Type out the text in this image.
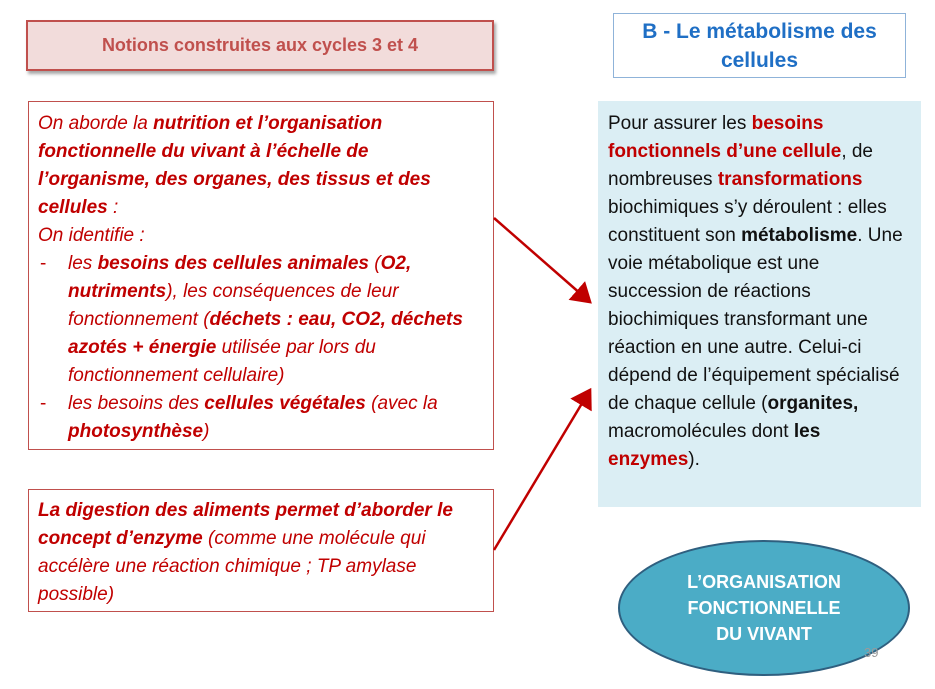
Notions construites aux cycles 3 et 4
B - Le métabolisme des
cellules
On aborde la nutrition et l’organisation fonctionnelle du vivant à l’échelle de l’organisme, des organes, des tissus et des cellules :
On identifie :
- les besoins des cellules animales (O2, nutriments), les conséquences de leur fonctionnement (déchets : eau, CO2, déchets azotés + énergie utilisée par lors du fonctionnement cellulaire)
- les besoins des cellules végétales (avec la photosynthèse)
La digestion des aliments permet d’aborder le concept d’enzyme (comme une molécule qui accélère une réaction chimique ; TP amylase possible)
Pour assurer les besoins fonctionnels d’une cellule, de nombreuses transformations biochimiques s’y déroulent : elles constituent son métabolisme. Une voie métabolique est une succession de réactions biochimiques transformant une réaction en une autre. Celui-ci dépend de l’équipement spécialisé de chaque cellule (organites, macromolécules dont les enzymes).
L’ORGANISATION
FONCTIONNELLE
DU VIVANT
39
